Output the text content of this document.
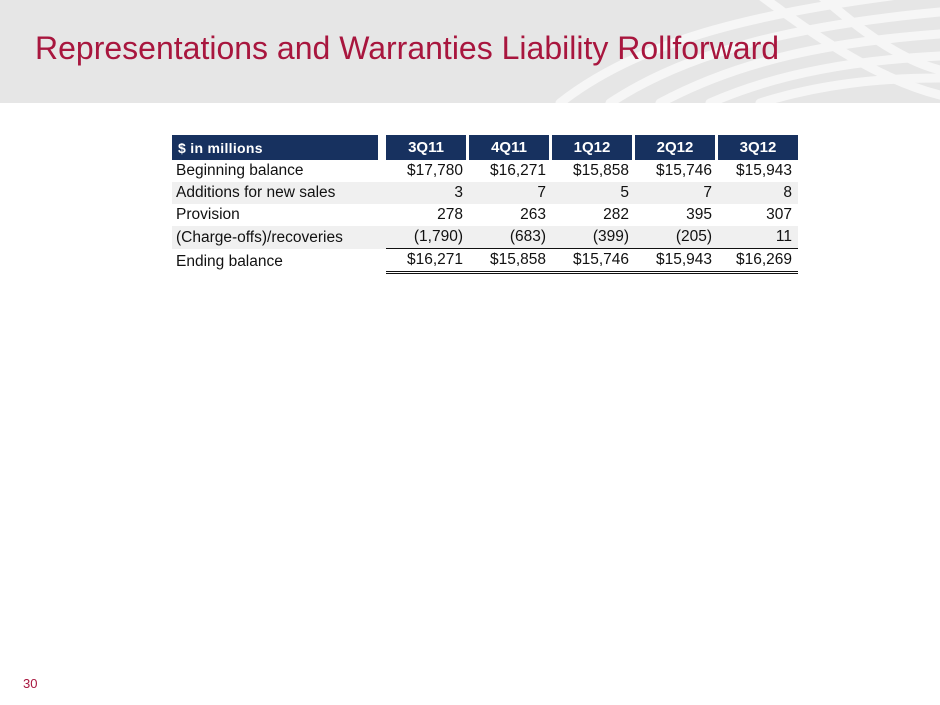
Representations and Warranties Liability Rollforward
$ in millions	3Q11	4Q11	1Q12	2Q12	3Q12
Beginning balance	$17,780	$16,271	$15,858	$15,746	$15,943
Additions for new sales	3	7	5	7	8
Provision	278	263	282	395	307
(Charge-offs)/recoveries	(1,790)	(683)	(399)	(205)	11
Ending balance	$16,271	$15,858	$15,746	$15,943	$16,269
30
